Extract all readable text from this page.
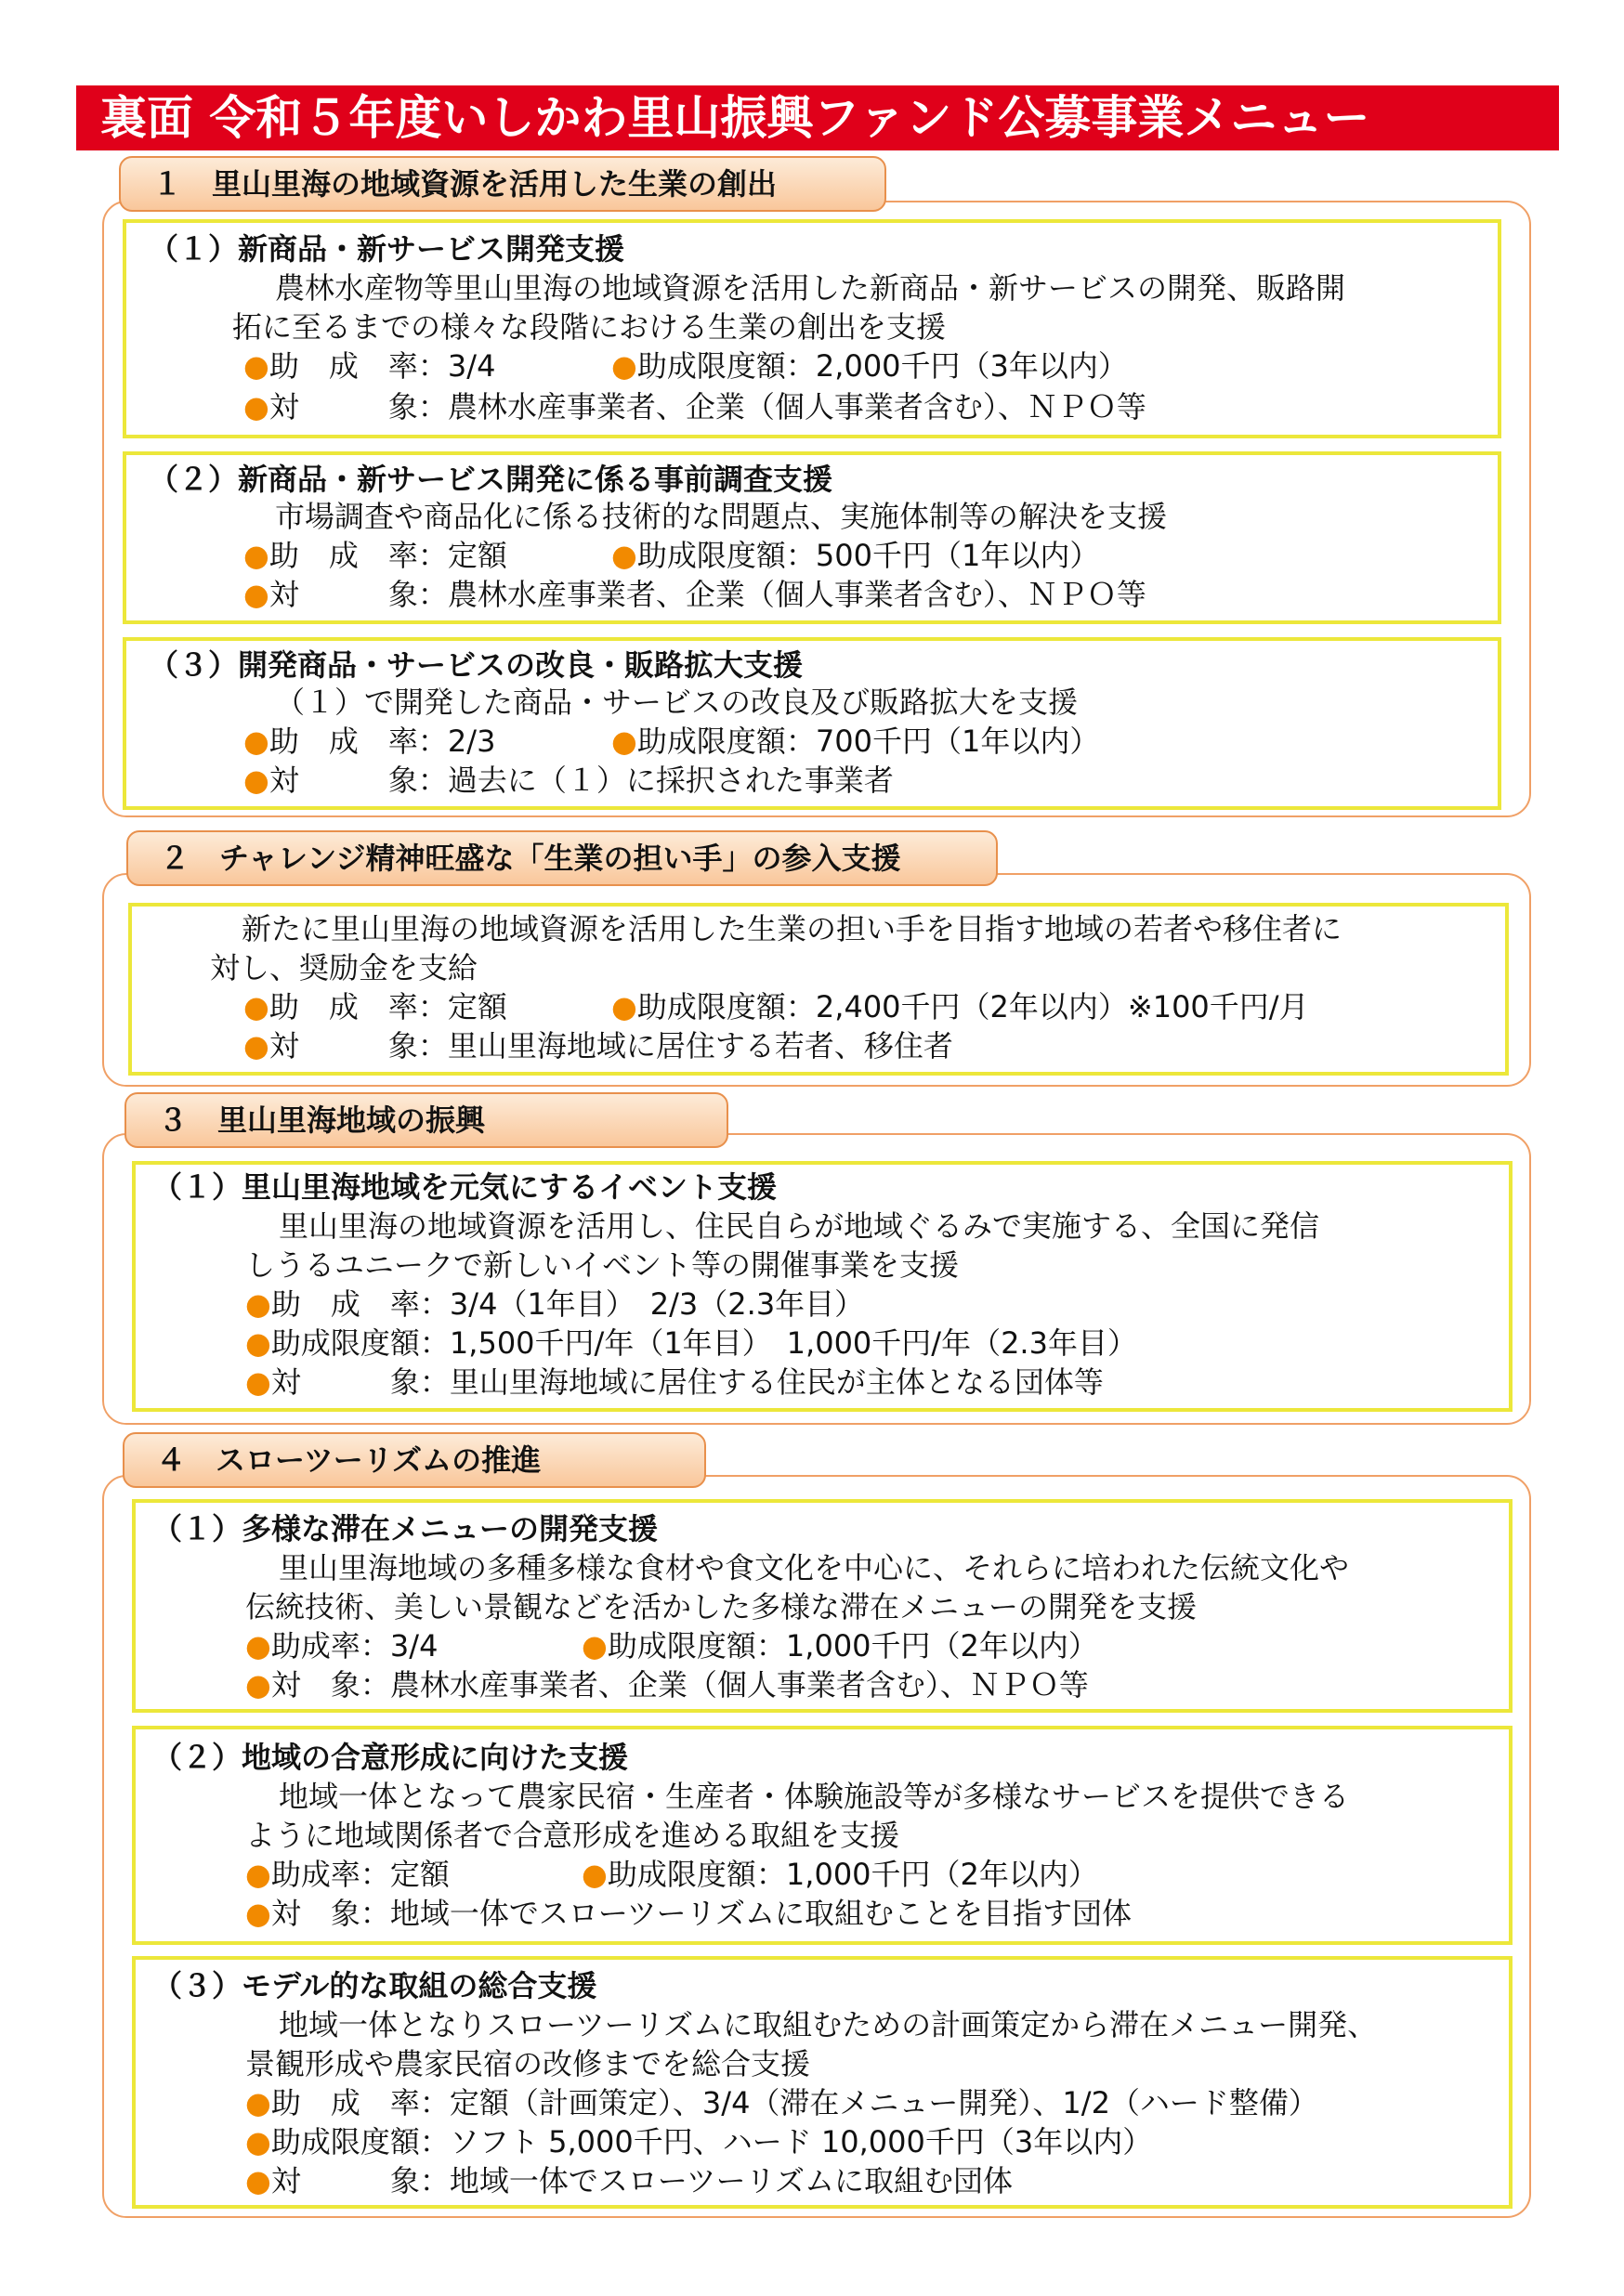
裏面 令和５年度いしかわ里山振興ファンド公募事業メニュー
１　里山里海の地域資源を活用した生業の創出
（１）新商品・新サービス開発支援
農林水産物等里山里海の地域資源を活用した新商品・新サービスの開発、販路開
拓に至るまでの様々な段階における生業の創出を支援
●助　成　率：3/4	●助成限度額：2,000千円（3年以内）
●対　　　象：農林水産事業者、企業（個人事業者含む）、ＮＰＯ等
（２）新商品・新サービス開発に係る事前調査支援
市場調査や商品化に係る技術的な問題点、実施体制等の解決を支援
●助　成　率：定額	●助成限度額：500千円（1年以内）
●対　　　象：農林水産事業者、企業（個人事業者含む）、ＮＰＯ等
（３）開発商品・サービスの改良・販路拡大支援
（１）で開発した商品・サービスの改良及び販路拡大を支援
●助　成　率：2/3	●助成限度額：700千円（1年以内）
●対　　　象：過去に（１）に採択された事業者
２　チャレンジ精神旺盛な「生業の担い手」の参入支援
新たに里山里海の地域資源を活用した生業の担い手を目指す地域の若者や移住者に
対し、奨励金を支給
●助　成　率：定額	●助成限度額：2,400千円（2年以内）※100千円/月
●対　　　象：里山里海地域に居住する若者、移住者
３　里山里海地域の振興
（１）里山里海地域を元気にするイベント支援
里山里海の地域資源を活用し、住民自らが地域ぐるみで実施する、全国に発信
しうるユニークで新しいイベント等の開催事業を支援
●助　成　率：3/4（1年目）　2/3（2.3年目）
●助成限度額：1,500千円/年（1年目）　1,000千円/年（2.3年目）
●対　　　象：里山里海地域に居住する住民が主体となる団体等
４　スローツーリズムの推進
（１）多様な滞在メニューの開発支援
里山里海地域の多種多様な食材や食文化を中心に、それらに培われた伝統文化や
伝統技術、美しい景観などを活かした多様な滞在メニューの開発を支援
●助成率：3/4	●助成限度額：1,000千円（2年以内）
●対　象：農林水産事業者、企業（個人事業者含む）、ＮＰＯ等
（２）地域の合意形成に向けた支援
地域一体となって農家民宿・生産者・体験施設等が多様なサービスを提供できる
ように地域関係者で合意形成を進める取組を支援
●助成率：定額	●助成限度額：1,000千円（2年以内）
●対　象：地域一体でスローツーリズムに取組むことを目指す団体
（３）モデル的な取組の総合支援
地域一体となりスローツーリズムに取組むための計画策定から滞在メニュー開発、
景観形成や農家民宿の改修までを総合支援
●助　成　率：定額（計画策定）、3/4（滞在メニュー開発）、1/2（ハード整備）
●助成限度額：ソフト 5,000千円、ハード 10,000千円（3年以内）
●対　　　象：地域一体でスローツーリズムに取組む団体
